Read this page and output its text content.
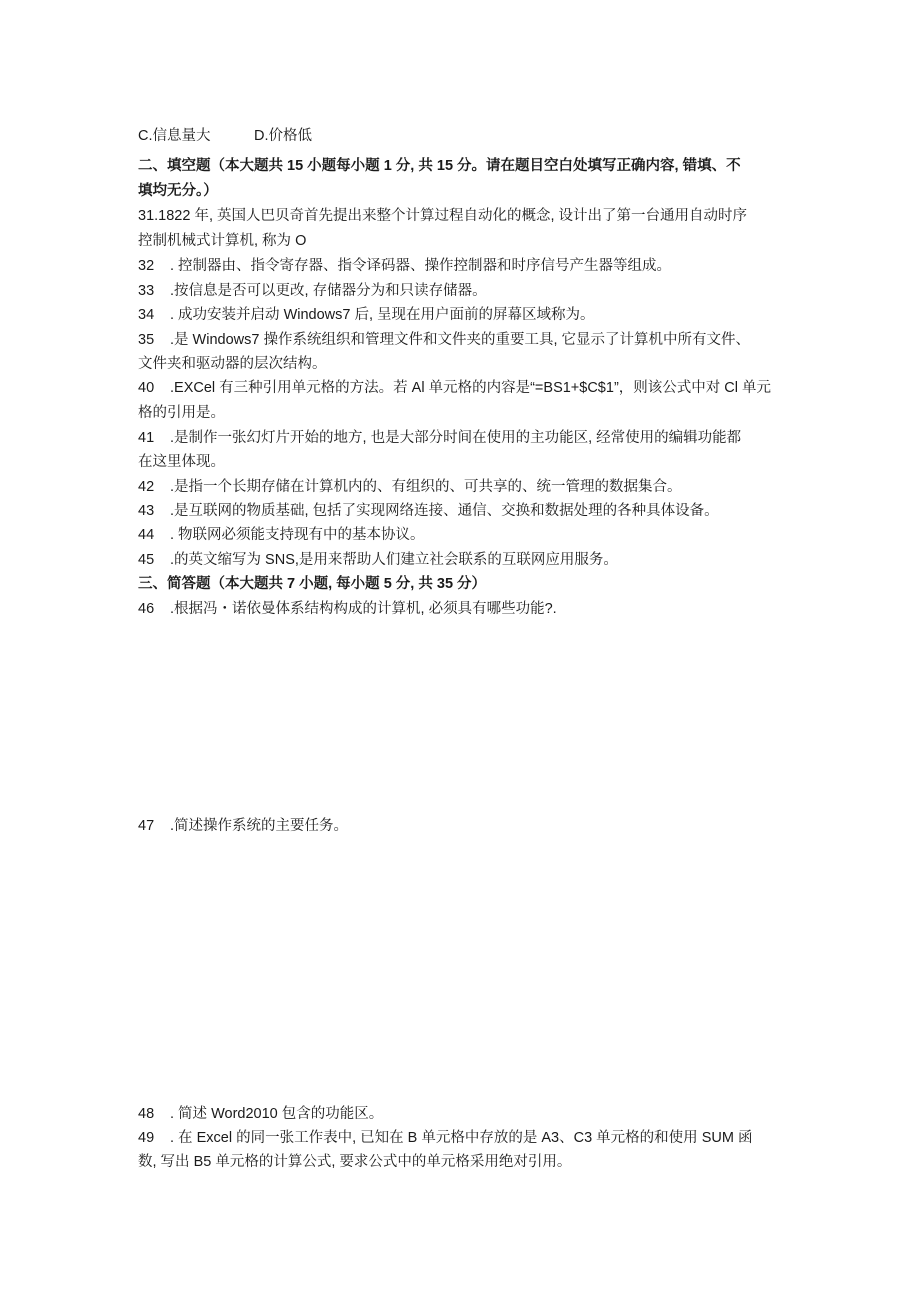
C.信息量大	D.价格低
二、填空题（本大题共 15 小题每小题 1 分, 共 15 分。请在题目空白处填写正确内容, 错填、不
填均无分。）
31.1822 年, 英国人巴贝奇首先提出来整个计算过程自动化的概念, 设计出了第一台通用自动时序
控制机械式计算机, 称为 O
32 . 控制器由、指令寄存器、指令译码器、操作控制器和时序信号产生器等组成。
33 .按信息是否可以更改, 存储器分为和只读存储器。
34 . 成功安装并启动 Windows7 后, 呈现在用户面前的屏幕区域称为。
35 .是 Windows7 操作系统组织和管理文件和文件夹的重要工具, 它显示了计算机中所有文件、
文件夹和驱动器的层次结构。
40 .EXCel 有三种引用单元格的方法。若 Al 单元格的内容是“=BS1+$C$1”，则该公式中对 Cl 单元
格的引用是。
41 .是制作一张幻灯片开始的地方, 也是大部分时间在使用的主功能区, 经常使用的编辑功能都
在这里体现。
42 .是指一个长期存储在计算机内的、有组织的、可共享的、统一管理的数据集合。
43 .是互联网的物质基础, 包括了实现网络连接、通信、交换和数据处理的各种具体设备。
44 . 物联网必须能支持现有中的基本协议。
45 .的英文缩写为 SNS,是用来帮助人们建立社会联系的互联网应用服务。
三、简答题（本大题共 7 小题, 每小题 5 分, 共 35 分）
46 .根据冯・诺依曼体系结构构成的计算机, 必须具有哪些功能?.
47 .简述操作系统的主要任务。
48 . 简述 Word2010 包含的功能区。
49 . 在 Excel 的同一张工作表中, 已知在 B 单元格中存放的是 A3、C3 单元格的和使用 SUM 函
数, 写出 B5 单元格的计算公式, 要求公式中的单元格采用绝对引用。
